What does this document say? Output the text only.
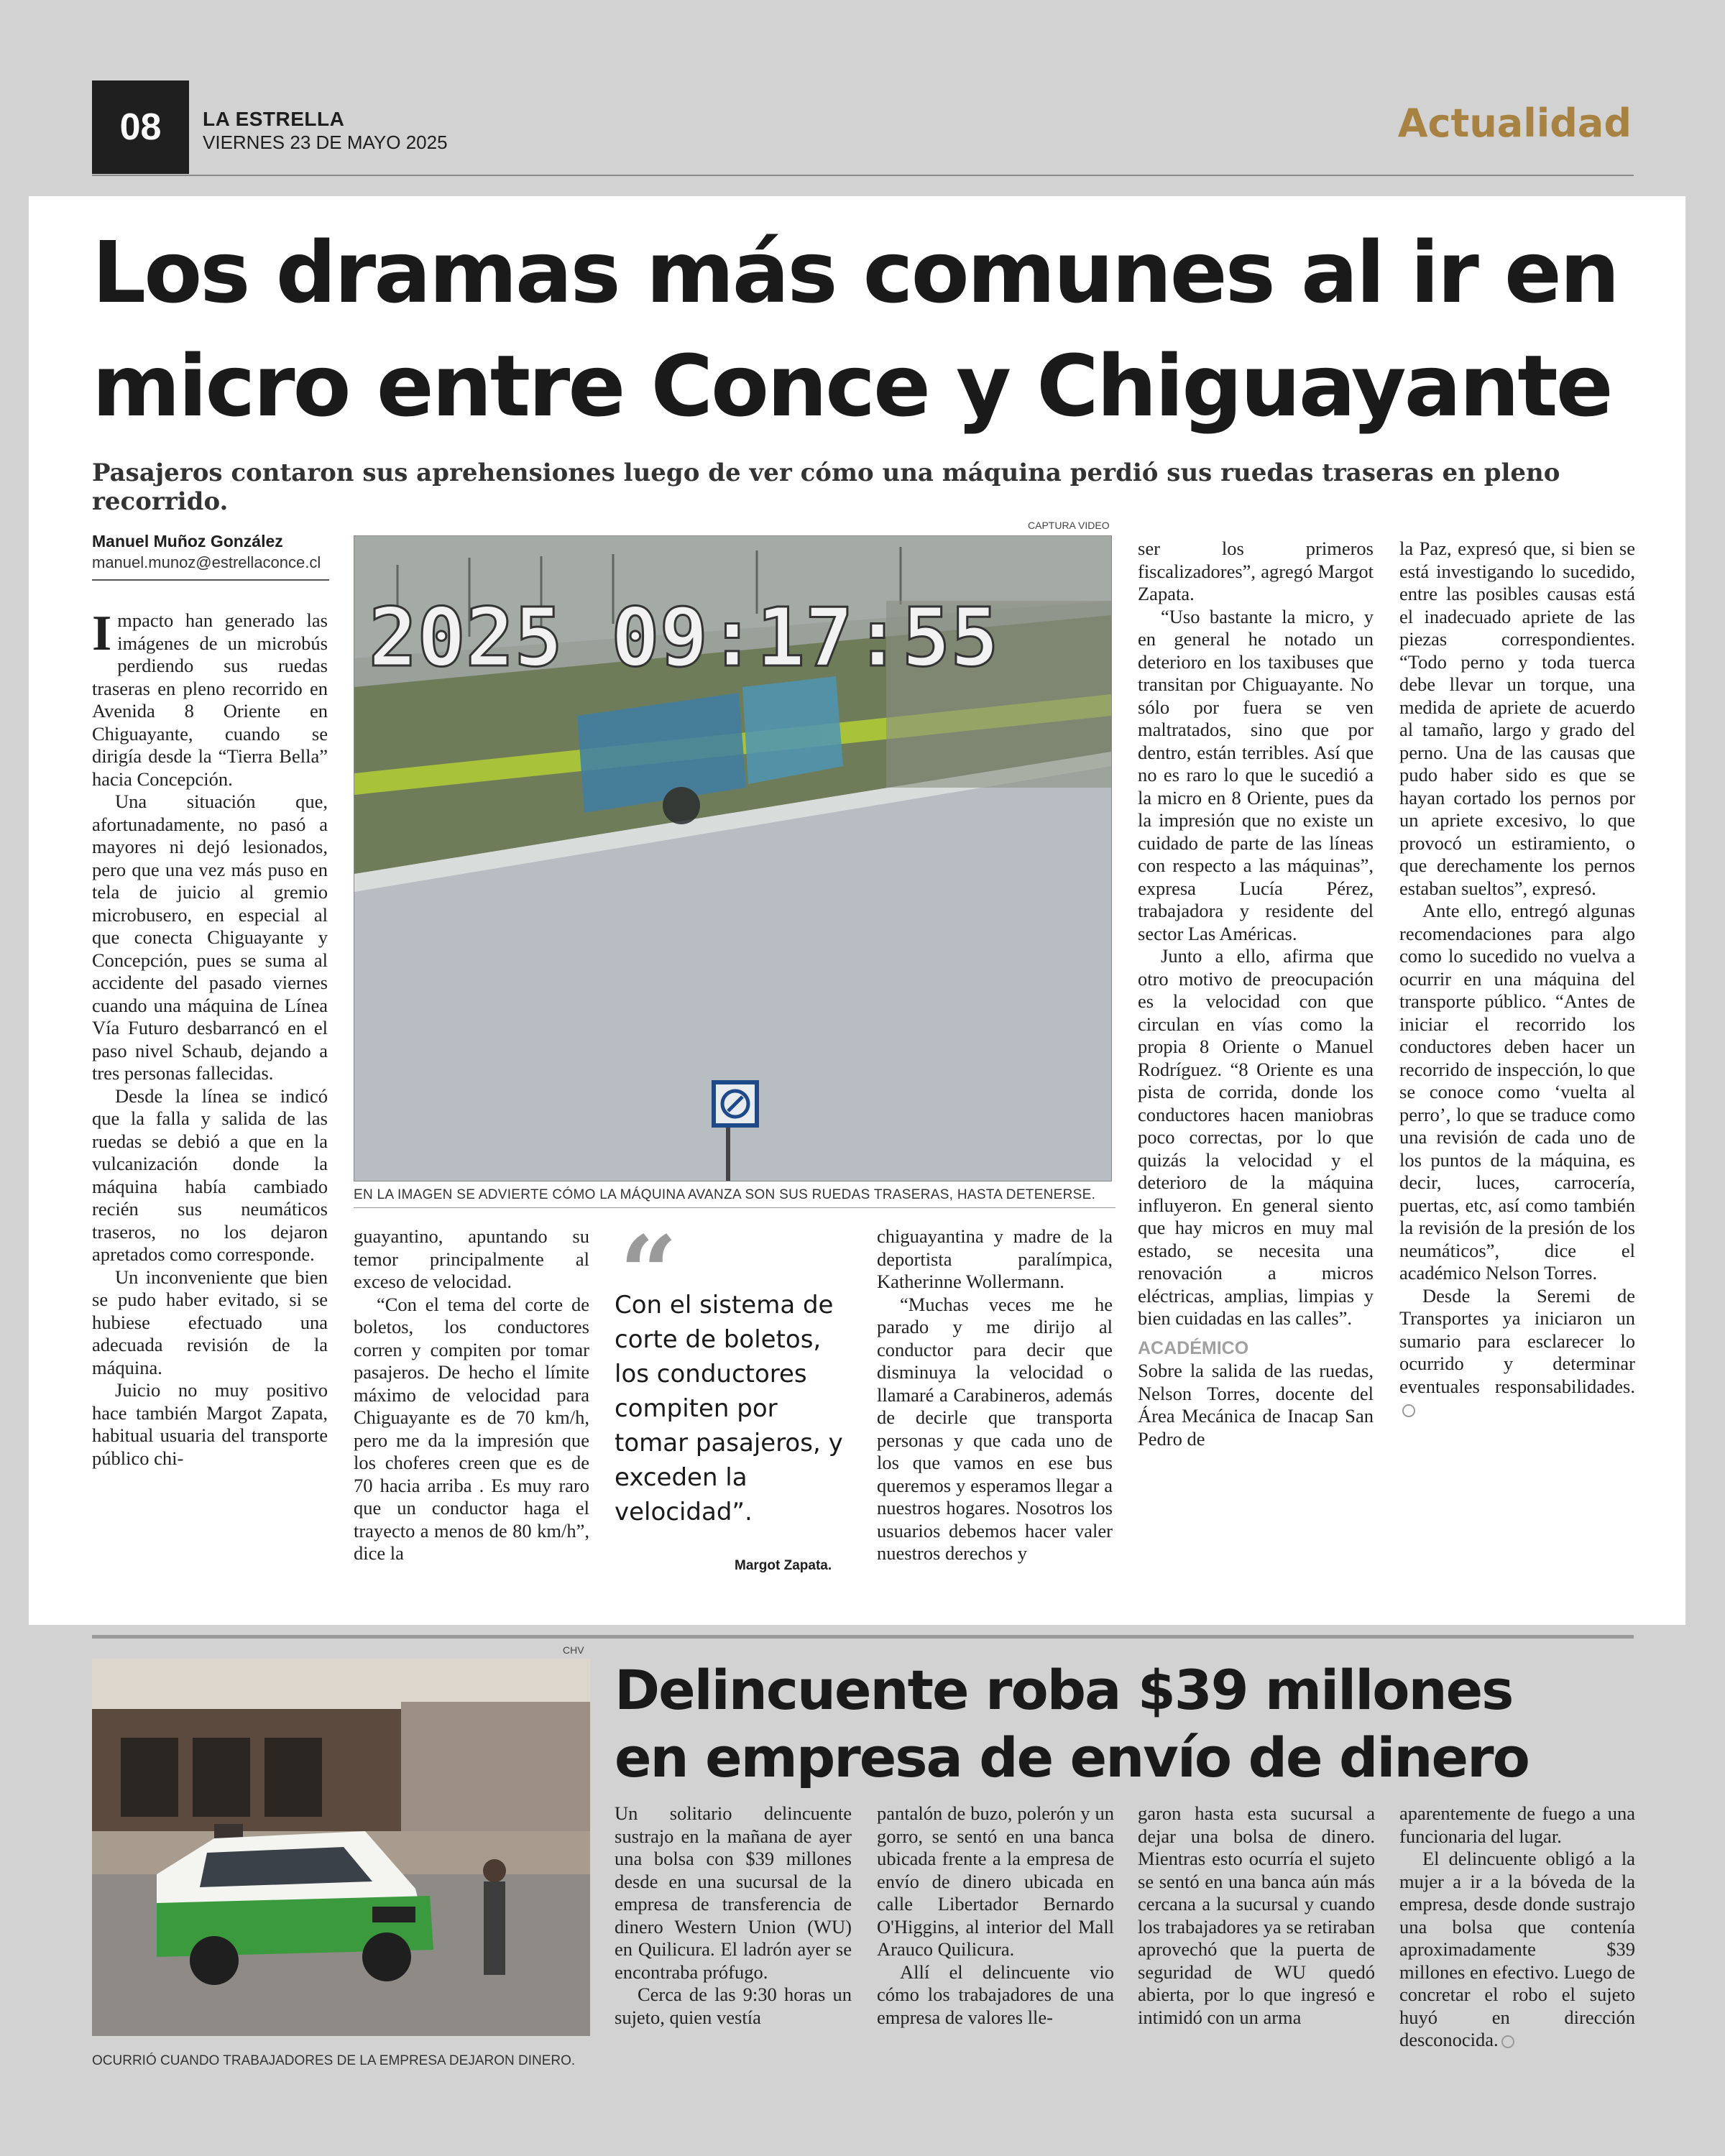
08	LA ESTRELLA
VIERNES 23 DE MAYO 2025	Actualidad
Los dramas más comunes al ir en
micro entre Conce y Chiguayante
Pasajeros contaron sus aprehensiones luego de ver cómo una máquina perdió sus ruedas traseras en pleno recorrido.
Manuel Muñoz González
manuel.munoz@estrellaconce.cl

Impacto han generado las imágenes de un microbús perdiendo sus ruedas traseras en pleno recorrido en Avenida 8 Oriente en Chiguayante, cuando se dirigía desde la “Tierra Bella” hacia Concepción.

Una situación que, afortunadamente, no pasó a mayores ni dejó lesionados, pero que una vez más puso en tela de juicio al gremio microbusero, en especial al que conecta Chiguayante y Concepción, pues se suma al accidente del pasado viernes cuando una máquina de Línea Vía Futuro desbarrancó en el paso nivel Schaub, dejando a tres personas fallecidas.

Desde la línea se indicó que la falla y salida de las ruedas se debió a que en la vulcanización donde la máquina había cambiado recién sus neumáticos traseros, no los dejaron apretados como corresponde.

Un inconveniente que bien se pudo haber evitado, si se hubiese efectuado una adecuada revisión de la máquina.

Juicio no muy positivo hace también Margot Zapata, habitual usuaria del transporte público chi-

CAPTURA VIDEO
2025 09:17:55
EN LA IMAGEN SE ADVIERTE CÓMO LA MÁQUINA AVANZA SON SUS RUEDAS TRASERAS, HASTA DETENERSE.

guayantino, apuntando su temor principalmente al exceso de velocidad.

“Con el tema del corte de boletos, los conductores corren y compiten por tomar pasajeros. De hecho el límite máximo de velocidad para Chiguayante es de 70 km/h, pero me da la impresión que los choferes creen que es de 70 hacia arriba . Es muy raro que un conductor haga el trayecto a menos de 80 km/h”, dice la

“
Con el sistema de corte de boletos, los conductores compiten por tomar pasajeros, y exceden la velocidad”.
Margot Zapata.

chiguayantina y madre de la deportista paralímpica, Katherinne Wollermann.

“Muchas veces me he parado y me dirijo al conductor para decir que disminuya la velocidad o llamaré a Carabineros, además de decirle que transporta personas y que cada uno de los que vamos en ese bus queremos y esperamos llegar a nuestros hogares. Nosotros los usuarios debemos hacer valer nuestros derechos y

ser los primeros fiscalizadores”, agregó Margot Zapata.

“Uso bastante la micro, y en general he notado un deterioro en los taxibuses que transitan por Chiguayante. No sólo por fuera se ven maltratados, sino que por dentro, están terribles. Así que no es raro lo que le sucedió a la micro en 8 Oriente, pues da la impresión que no existe un cuidado de parte de las líneas con respecto a las máquinas”, expresa Lucía Pérez, trabajadora y residente del sector Las Américas.

Junto a ello, afirma que otro motivo de preocupación es la velocidad con que circulan en vías como la propia 8 Oriente o Manuel Rodríguez. “8 Oriente es una pista de corrida, donde los conductores hacen maniobras poco correctas, por lo que quizás la velocidad y el deterioro de la máquina influyeron. En general siento que hay micros en muy mal estado, se necesita una renovación a micros eléctricas, amplias, limpias y bien cuidadas en las calles”.

ACADÉMICO

Sobre la salida de las ruedas, Nelson Torres, docente del Área Mecánica de Inacap San Pedro de

la Paz, expresó que, si bien se está investigando lo sucedido, entre las posibles causas está el inadecuado apriete de las piezas correspondientes. “Todo perno y toda tuerca debe llevar un torque, una medida de apriete de acuerdo al tamaño, largo y grado del perno. Una de las causas que pudo haber sido es que se hayan cortado los pernos por un apriete excesivo, lo que provocó un estiramiento, o que derechamente los pernos estaban sueltos”, expresó.

Ante ello, entregó algunas recomendaciones para algo como lo sucedido no vuelva a ocurrir en una máquina del transporte público. “Antes de iniciar el recorrido los conductores deben hacer un recorrido de inspección, lo que se conoce como ‘vuelta al perro’, lo que se traduce como una revisión de cada uno de los puntos de la máquina, es decir, luces, carrocería, puertas, etc, así como también la revisión de la presión de los neumáticos”, dice el académico Nelson Torres.

Desde la Seremi de Transportes ya iniciaron un sumario para esclarecer lo ocurrido y determinar eventuales responsabilidades.

CHV
OCURRIÓ CUANDO TRABAJADORES DE LA EMPRESA DEJARON DINERO.
Delincuente roba $39 millones
en empresa de envío de dinero

Un solitario delincuente sustrajo en la mañana de ayer una bolsa con $39 millones desde en una sucursal de la empresa de transferencia de dinero Western Union (WU) en Quilicura. El ladrón ayer se encontraba prófugo.

Cerca de las 9:30 horas un sujeto, quien vestía

pantalón de buzo, polerón y un gorro, se sentó en una banca ubicada frente a la empresa de envío de dinero ubicada en calle Libertador Bernardo O'Higgins, al interior del Mall Arauco Quilicura.

Allí el delincuente vio cómo los trabajadores de una empresa de valores lle-

garon hasta esta sucursal a dejar una bolsa de dinero. Mientras esto ocurría el sujeto se sentó en una banca aún más cercana a la sucursal y cuando los trabajadores ya se retiraban aprovechó que la puerta de seguridad de WU quedó abierta, por lo que ingresó e intimidó con un arma

aparentemente de fuego a una funcionaria del lugar.

El delincuente obligó a la mujer a ir a la bóveda de la empresa, desde donde sustrajo una bolsa que contenía aproximadamente $39 millones en efectivo. Luego de concretar el robo el sujeto huyó en dirección desconocida.
